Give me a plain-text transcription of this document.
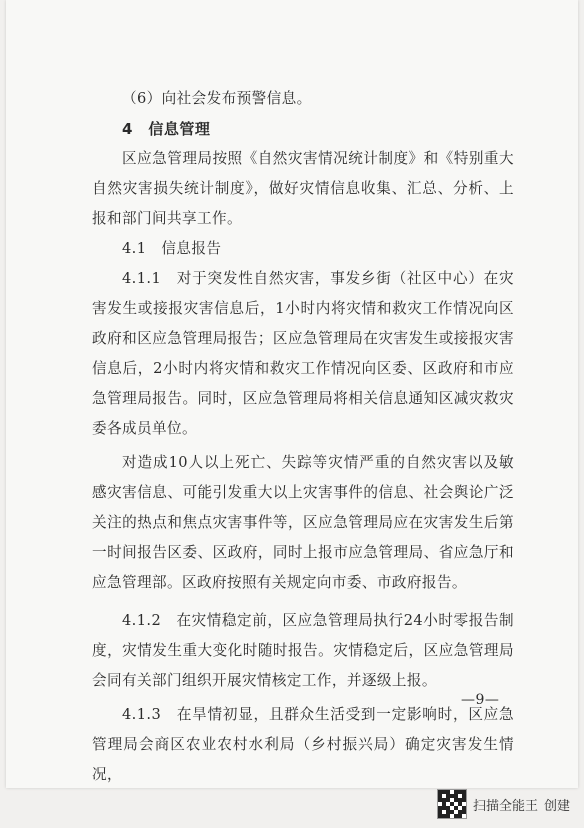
（6）向社会发布预警信息。

4　信息管理

区应急管理局按照《自然灾害情况统计制度》和《特别重大自然灾害损失统计制度》，做好灾情信息收集、汇总、分析、上报和部门间共享工作。

4.1　信息报告

4.1.1　对于突发性自然灾害，事发乡街（社区中心）在灾害发生或接报灾害信息后，1小时内将灾情和救灾工作情况向区政府和区应急管理局报告；区应急管理局在灾害发生或接报灾害信息后，2小时内将灾情和救灾工作情况向区委、区政府和市应急管理局报告。同时，区应急管理局将相关信息通知区减灾救灾委各成员单位。

对造成10人以上死亡、失踪等灾情严重的自然灾害以及敏感灾害信息、可能引发重大以上灾害事件的信息、社会舆论广泛关注的热点和焦点灾害事件等，区应急管理局应在灾害发生后第一时间报告区委、区政府，同时上报市应急管理局、省应急厅和应急管理部。区政府按照有关规定向市委、市政府报告。

4.1.2　在灾情稳定前，区应急管理局执行24小时零报告制度，灾情发生重大变化时随时报告。灾情稳定后，区应急管理局会同有关部门组织开展灾情核定工作，并逐级上报。

4.1.3　在旱情初显，且群众生活受到一定影响时，区应急管理局会商区农业农村水利局（乡村振兴局）确定灾害发生情况，

—9—
扫描全能王 创建
